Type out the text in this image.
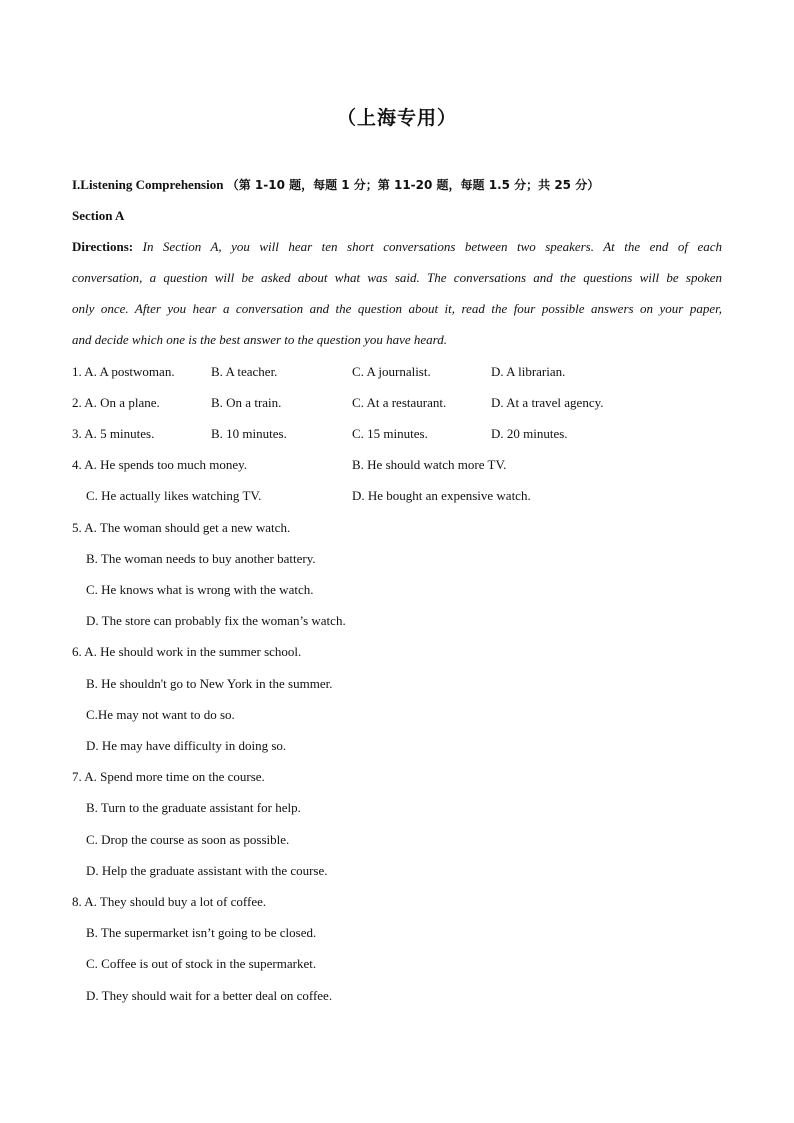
（上海专用）
I.Listening Comprehension （第 1-10 题，每题 1 分；第 11-20 题，每题 1.5 分；共 25 分）
Section A
Directions: In Section A, you will hear ten short conversations between two speakers. At the end of each
conversation, a question will be asked about what was said. The conversations and the questions will be spoken
only once. After you hear a conversation and the question about it, read the four possible answers on your paper,
and decide which one is the best answer to the question you have heard.
1. A. A postwoman.	B. A teacher.	C. A journalist.	D. A librarian.
2. A. On a plane.	B. On a train.	C. At a restaurant.	D. At a travel agency.
3. A. 5 minutes.	B. 10 minutes.	C. 15 minutes.	D. 20 minutes.
4. A. He spends too much money.	B. He should watch more TV.
C. He actually likes watching TV.	D. He bought an expensive watch.
5. A. The woman should get a new watch.
B. The woman needs to buy another battery.
C. He knows what is wrong with the watch.
D. The store can probably fix the woman’s watch.
6. A. He should work in the summer school.
B. He shouldn't go to New York in the summer.
C.He may not want to do so.
D. He may have difficulty in doing so.
7. A. Spend more time on the course.
B. Turn to the graduate assistant for help.
C. Drop the course as soon as possible.
D. Help the graduate assistant with the course.
8. A. They should buy a lot of coffee.
B. The supermarket isn’t going to be closed.
C. Coffee is out of stock in the supermarket.
D. They should wait for a better deal on coffee.
